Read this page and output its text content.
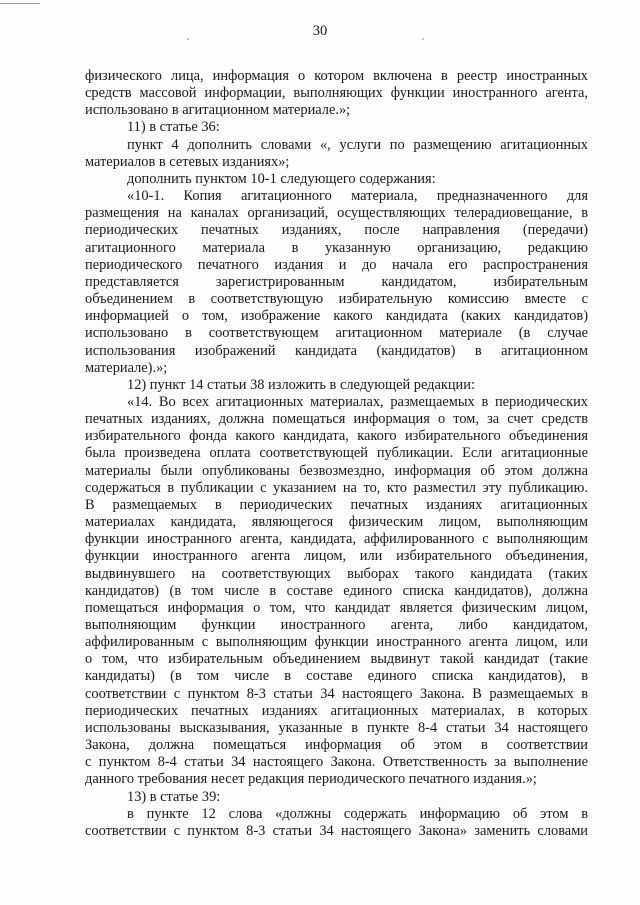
30
физического лица, информация о котором включена в реестр иностранных
средств массовой информации, выполняющих функции иностранного агента,
использовано в агитационном материале.»;
11) в статье 36:
пункт 4 дополнить словами «, услуги по размещению агитационных
материалов в сетевых изданиях»;
дополнить пунктом 10-1 следующего содержания:
«10-1. Копия агитационного материала, предназначенного для
размещения на каналах организаций, осуществляющих телерадиовещание, в
периодических печатных изданиях, после направления (передачи)
агитационного материала в указанную организацию, редакцию
периодического печатного издания и до начала его распространения
представляется зарегистрированным кандидатом, избирательным
объединением в соответствующую избирательную комиссию вместе с
информацией о том, изображение какого кандидата (каких кандидатов)
использовано в соответствующем агитационном материале (в случае
использования изображений кандидата (кандидатов) в агитационном
материале).»;
12) пункт 14 статьи 38 изложить в следующей редакции:
«14. Во всех агитационных материалах, размещаемых в периодических
печатных изданиях, должна помещаться информация о том, за счет средств
избирательного фонда какого кандидата, какого избирательного объединения
была произведена оплата соответствующей публикации. Если агитационные
материалы были опубликованы безвозмездно, информация об этом должна
содержаться в публикации с указанием на то, кто разместил эту публикацию.
В размещаемых в периодических печатных изданиях агитационных
материалах кандидата, являющегося физическим лицом, выполняющим
функции иностранного агента, кандидата, аффилированного с выполняющим
функции иностранного агента лицом, или избирательного объединения,
выдвинувшего на соответствующих выборах такого кандидата (таких
кандидатов) (в том числе в составе единого списка кандидатов), должна
помещаться информация о том, что кандидат является физическим лицом,
выполняющим функции иностранного агента, либо кандидатом,
аффилированным с выполняющим функции иностранного агента лицом, или
о том, что избирательным объединением выдвинут такой кандидат (такие
кандидаты) (в том числе в составе единого списка кандидатов), в
соответствии с пунктом 8-3 статьи 34 настоящего Закона. В размещаемых в
периодических печатных изданиях агитационных материалах, в которых
использованы высказывания, указанные в пункте 8-4 статьи 34 настоящего
Закона, должна помещаться информация об этом в соответствии
с пунктом 8-4 статьи 34 настоящего Закона. Ответственность за выполнение
данного требования несет редакция периодического печатного издания.»;
13) в статье 39:
в пункте 12 слова «должны содержать информацию об этом в
соответствии с пунктом 8-3 статьи 34 настоящего Закона» заменить словами
